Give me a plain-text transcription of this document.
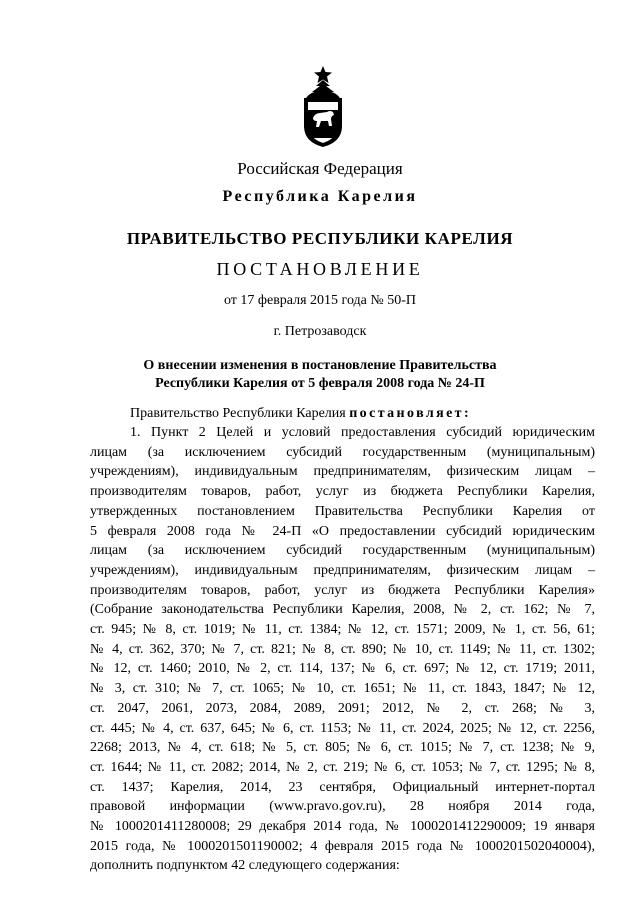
Российская Федерация
Республика Карелия
ПРАВИТЕЛЬСТВО РЕСПУБЛИКИ КАРЕЛИЯ
ПОСТАНОВЛЕНИЕ
от 17 февраля 2015 года № 50-П
г. Петрозаводск
О внесении изменения в постановление Правительства
Республики Карелия от 5 февраля 2008 года № 24-П
Правительство Республики Карелия постановляет:
1. Пункт 2 Целей и условий предоставления субсидий юридическим
лицам (за исключением субсидий государственным (муниципальным)
учреждениям), индивидуальным предпринимателям, физическим лицам –
производителям товаров, работ, услуг из бюджета Республики Карелия,
утвержденных постановлением Правительства Республики Карелия от
5 февраля 2008 года № 24-П «О предоставлении субсидий юридическим
лицам (за исключением субсидий государственным (муниципальным)
учреждениям), индивидуальным предпринимателям, физическим лицам –
производителям товаров, работ, услуг из бюджета Республики Карелия»
(Собрание законодательства Республики Карелия, 2008, № 2, ст. 162; № 7,
ст. 945; № 8, ст. 1019; № 11, ст. 1384; № 12, ст. 1571; 2009, № 1, ст. 56, 61;
№ 4, ст. 362, 370; № 7, ст. 821; № 8, ст. 890; № 10, ст. 1149; № 11, ст. 1302;
№ 12, ст. 1460; 2010, № 2, ст. 114, 137; № 6, ст. 697; № 12, ст. 1719; 2011,
№ 3, ст. 310; № 7, ст. 1065; № 10, ст. 1651; № 11, ст. 1843, 1847; № 12,
ст. 2047, 2061, 2073, 2084, 2089, 2091; 2012, № 2, ст. 268; № 3,
ст. 445; № 4, ст. 637, 645; № 6, ст. 1153; № 11, ст. 2024, 2025; № 12, ст. 2256,
2268; 2013, № 4, ст. 618; № 5, ст. 805; № 6, ст. 1015; № 7, ст. 1238; № 9,
ст. 1644; № 11, ст. 2082; 2014, № 2, ст. 219; № 6, ст. 1053; № 7, ст. 1295; № 8,
ст. 1437; Карелия, 2014, 23 сентября, Официальный интернет-портал
правовой информации (www.pravo.gov.ru), 28 ноября 2014 года,
№ 1000201411280008; 29 декабря 2014 года, № 1000201412290009; 19 января
2015 года, № 1000201501190002; 4 февраля 2015 года № 1000201502040004),
дополнить подпунктом 42 следующего содержания:
